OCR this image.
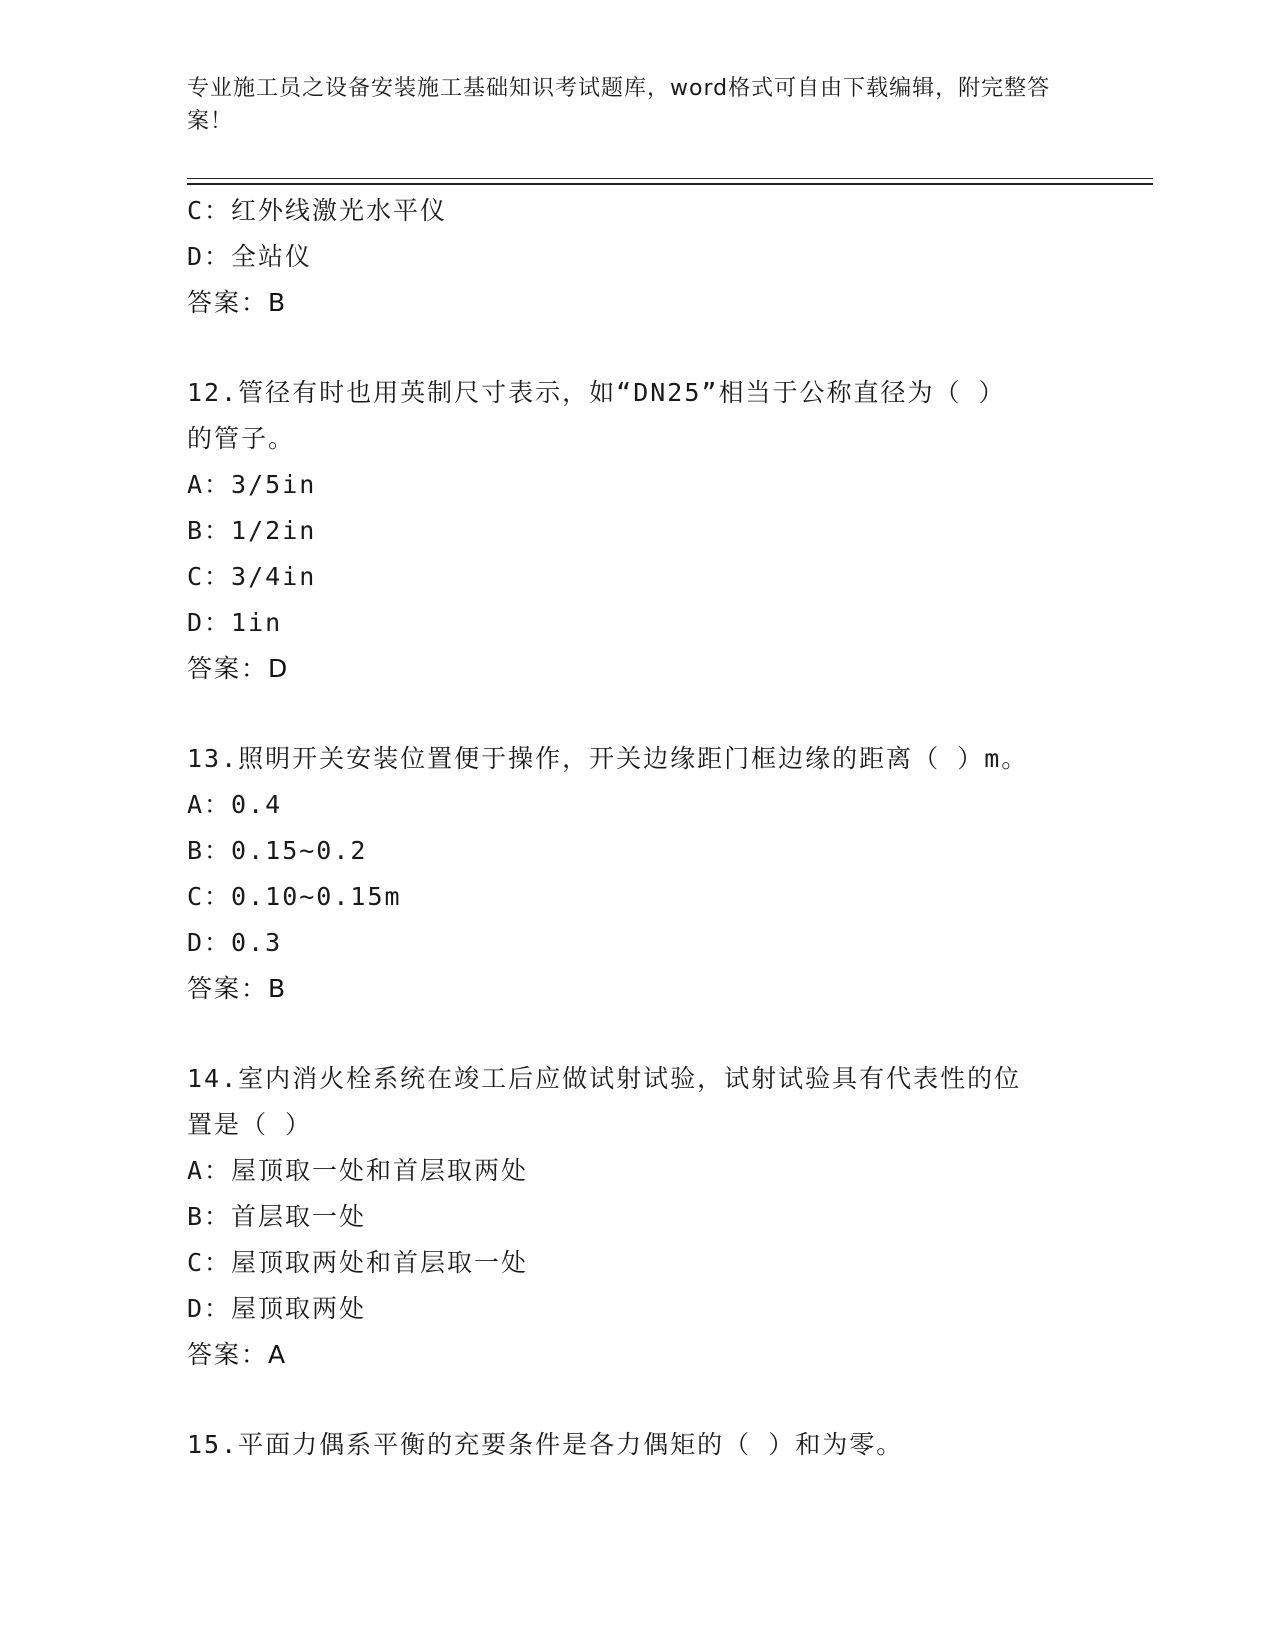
专业施工员之设备安装施工基础知识考试题库，word格式可自由下载编辑，附完整答案！
C：红外线激光水平仪
D：全站仪
答案：B
12.管径有时也用英制尺寸表示，如“DN25”相当于公称直径为（ ）
的管子。
A：3/5in
B：1/2in
C：3/4in
D：1in
答案：D
13.照明开关安装位置便于操作，开关边缘距门框边缘的距离（ ）m。
A：0.4
B：0.15~0.2
C：0.10~0.15m
D：0.3
答案：B
14.室内消火栓系统在竣工后应做试射试验，试射试验具有代表性的位
置是（ ）
A：屋顶取一处和首层取两处
B：首层取一处
C：屋顶取两处和首层取一处
D：屋顶取两处
答案：A
15.平面力偶系平衡的充要条件是各力偶矩的（ ）和为零。
